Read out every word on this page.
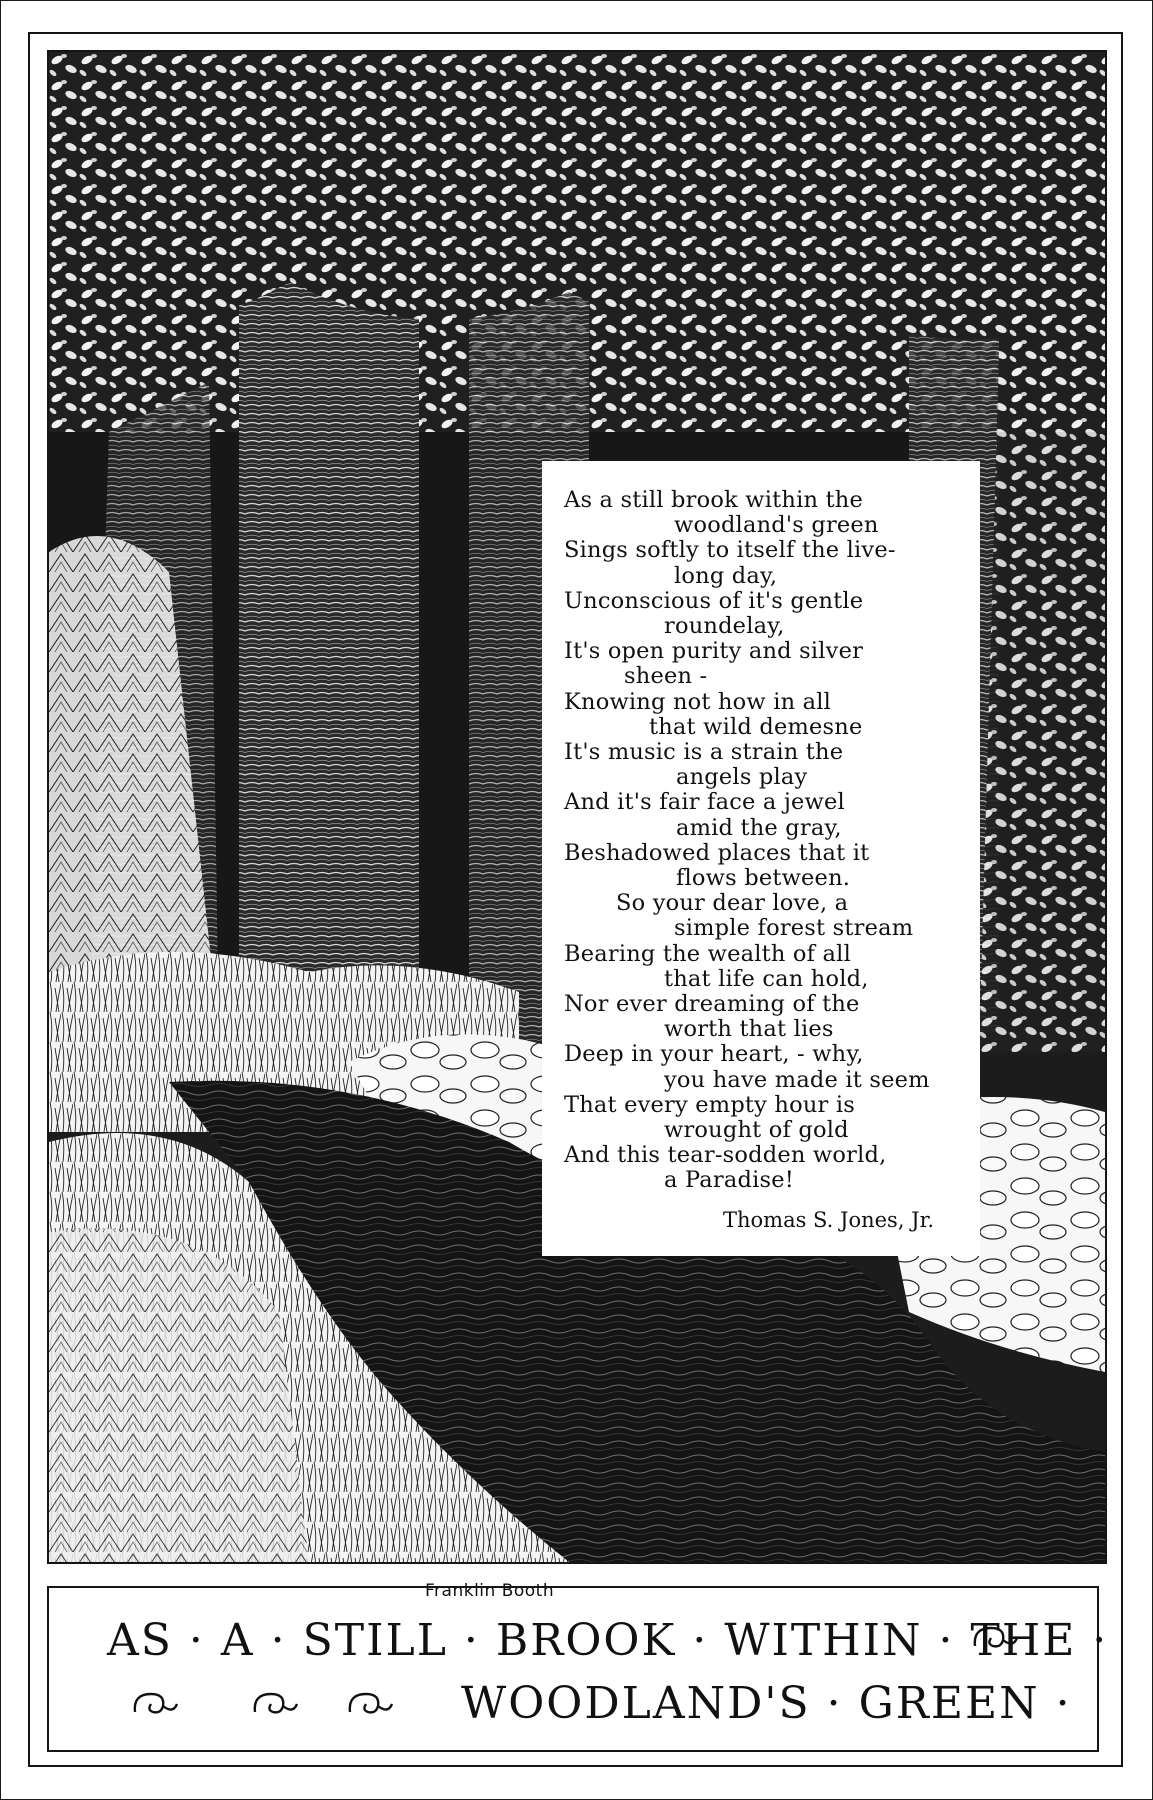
Franklin Booth
As a still brook within the
woodland's green
Sings softly to itself the live-
long day,
Unconscious of it's gentle
roundelay,
It's open purity and silver
sheen -
Knowing not how in all
that wild demesne
It's music is a strain the
angels play
And it's fair face a jewel
amid the gray,
Beshadowed places that it
flows between.
So your dear love, a
simple forest stream
Bearing the wealth of all
that life can hold,
Nor ever dreaming of the
worth that lies
Deep in your heart, - why,
you have made it seem
That every empty hour is
wrought of gold
And this tear-sodden world,
a Paradise!
Thomas S. Jones, Jr.
AS · A · STILL · BROOK · WITHIN · THE ·
WOODLAND'S · GREEN ·
